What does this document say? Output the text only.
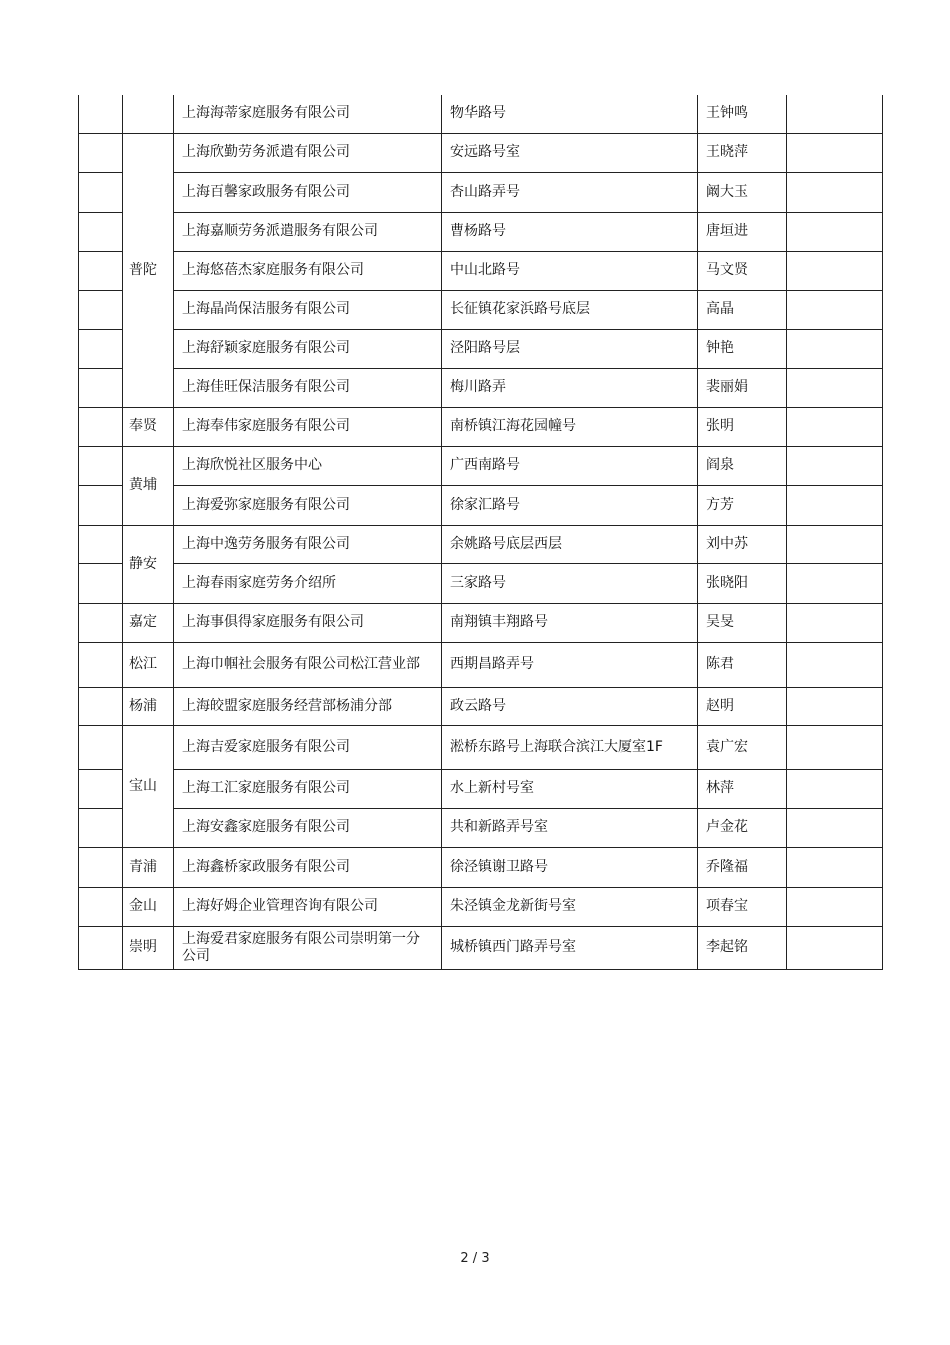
		上海海蒂家庭服务有限公司	物华路号	王钟鸣	
	普陀	上海欣勤劳务派遣有限公司	安远路号室	王晓萍	
		上海百馨家政服务有限公司	杏山路弄号	阚大玉	
		上海嘉顺劳务派遣服务有限公司	曹杨路号	唐垣进	
		上海悠蓓杰家庭服务有限公司	中山北路号	马文贤	
		上海晶尚保洁服务有限公司	长征镇花家浜路号底层	高晶	
		上海舒颖家庭服务有限公司	泾阳路号层	钟艳	
		上海佳旺保洁服务有限公司	梅川路弄	裴丽娟	
	奉贤	上海奉伟家庭服务有限公司	南桥镇江海花园幢号	张明	
	黄埔	上海欣悦社区服务中心	广西南路号	阎泉	
		上海爱弥家庭服务有限公司	徐家汇路号	方芳	
	静安	上海中逸劳务服务有限公司	余姚路号底层西层	刘中苏	
		上海春雨家庭劳务介绍所	三家路号	张晓阳	
	嘉定	上海事俱得家庭服务有限公司	南翔镇丰翔路号	吴旻	
	松江	上海巾帼社会服务有限公司松江营业部	西期昌路弄号	陈君	
	杨浦	上海皎盟家庭服务经营部杨浦分部	政云路号	赵明	
	宝山	上海吉爱家庭服务有限公司	淞桥东路号上海联合滨江大厦室1F	袁广宏	
		上海工汇家庭服务有限公司	水上新村号室	林萍	
		上海安鑫家庭服务有限公司	共和新路弄号室	卢金花	
	青浦	上海鑫桥家政服务有限公司	徐泾镇谢卫路号	乔隆福	
	金山	上海好姆企业管理咨询有限公司	朱泾镇金龙新街号室	项春宝	
	崇明	上海爱君家庭服务有限公司崇明第一分公司	城桥镇西门路弄号室	李起铭	
2 / 3
